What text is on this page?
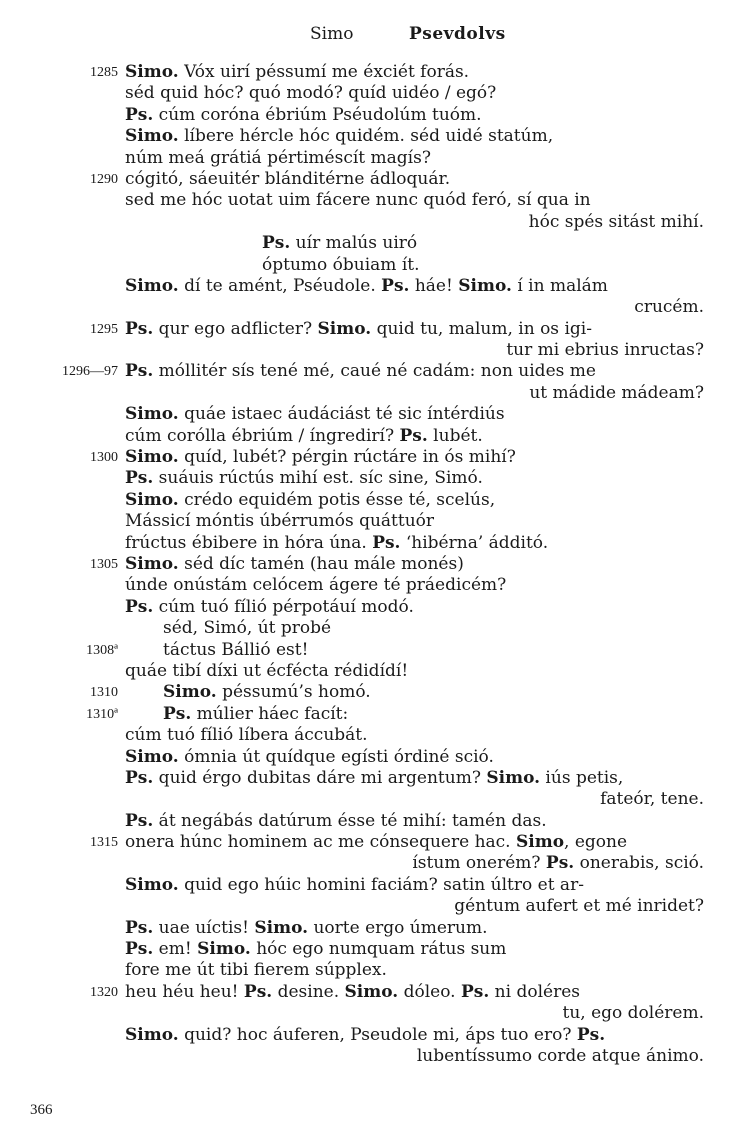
Simo	Psevdolvs
1285 Simo. Vóx uirí péssumí me éxciét forás.
séd quid hóc? quó modó? quíd uidéo / egó?
Ps. cúm coróna ébriúm Pséudolúm tuóm.
Simo. líbere hércle hóc quidém. séd uidé statúm,
núm meá grátiá pértiméscít magís?
1290 cógitó, sáeuitér blánditérne ádloquár.
sed me hóc uotat uim fácere nunc quód feró, sí qua in
hóc spés sitást mihí.
Ps. uír malús uiró
óptumo óbuiam ít.
Simo. dí te amént, Pséudole. Ps. háe! Simo. í in malám
crucém.
1295 Ps. qur ego adflicter? Simo. quid tu, malum, in os igi-
tur mi ebrius inructas?
1296—97 Ps. móllitér sís tené mé, caué né cadám: non uides me
ut mádide mádeam?
Simo. quáe istaec áudáciást té sic íntérdiús
cúm corólla ébriúm / íngredirí? Ps. lubét.
1300 Simo. quíd, lubét? pérgin rúctáre in ós mihí?
Ps. suáuis rúctús mihí est. síc sine, Simó.
Simo. crédo equidém potis ésse té, scelús,
Mássicí móntis úbérrumós quáttuór
frúctus ébibere in hóra úna. Ps. ‘hibérna’ ádditó.
1305 Simo. séd díc tamén (hau mále monés)
únde onústám celócem ágere té práedicém?
Ps. cúm tuó fílió pérpotáuí modó.
séd, Simó, út probé
1308ª	táctus Bállió est!
quáe tibí díxi ut écfécta rédidídí!
1310	Simo. péssumú’s homó.
1310ª	Ps. múlier háec facít:
cúm tuó fílió líbera áccubát.
Simo. ómnia út quídque egísti órdiné sció.
Ps. quid érgo dubitas dáre mi argentum? Simo. iús petis,
fateór, tene.
Ps. át negábás datúrum ésse té mihí: tamén das.
1315 onera húnc hominem ac me cónsequere hac. Simo, egone
ístum onerém? Ps. onerabis, sció.
Simo. quid ego húic homini faciám? satin últro et ar-
géntum aufert et mé inridet?
Ps. uae uíctis! Simo. uorte ergo úmerum.
Ps. em! Simo. hóc ego numquam rátus sum
fore me út tibi fierem súpplex.
1320 heu héu heu! Ps. desine. Simo. dóleo. Ps. ni doléres
tu, ego dolérem.
Simo. quid? hoc áuferen, Pseudole mi, áps tuo ero? Ps.
lubentíssumo corde atque ánimo.
366
